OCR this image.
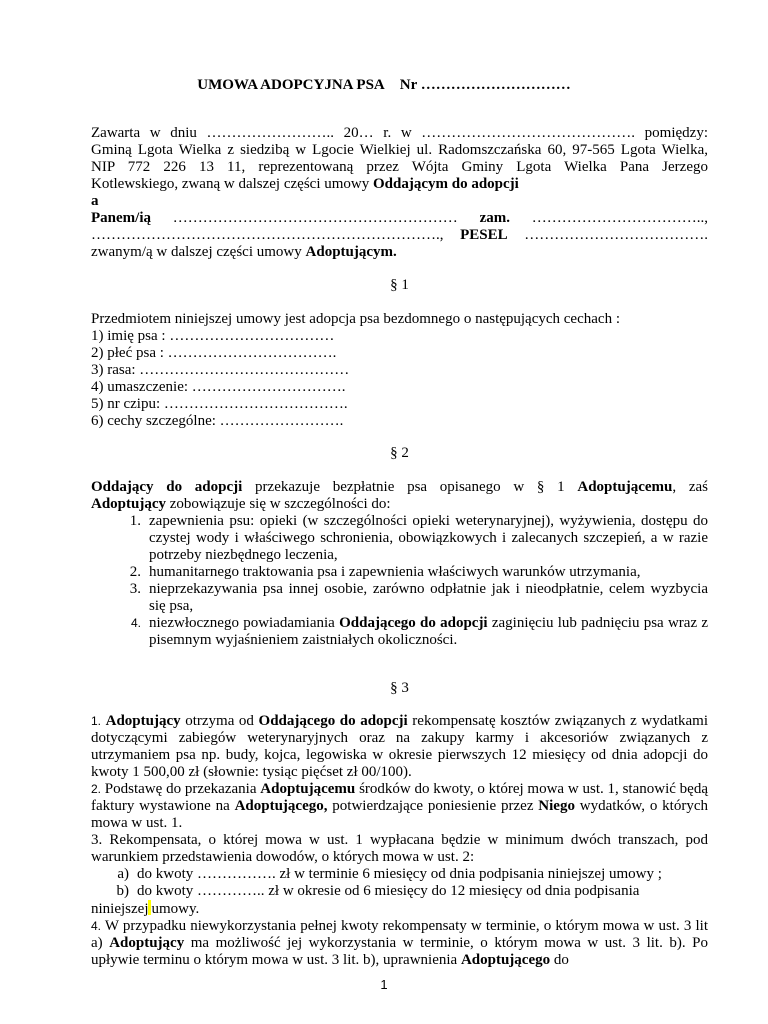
UMOWA ADOPCYJNA PSA Nr …………………………
Zawarta w dniu …………………….. 20… r. w ……………………………………. pomiędzy:
Gminą Lgota Wielka z siedzibą w Lgocie Wielkiej ul. Radomszczańska 60, 97-565 Lgota Wielka,
NIP 772 226 13 11, reprezentowaną przez Wójta Gminy Lgota Wielka Pana Jerzego
Kotlewskiego, zwaną w dalszej części umowy Oddającym do adopcji
a
Panem/ią ………………………………………………… zam. ……………………………..,
……………………………………………………………., PESEL ……………………………….
zwanym/ą w dalszej części umowy Adoptującym.
§ 1
Przedmiotem niniejszej umowy jest adopcja psa bezdomnego o następujących cechach :
1) imię psa : ……………………………
2) płeć psa : …………………………….
3) rasa: ……………………………………
4) umaszczenie: ………………………….
5) nr czipu: ……………………………….
6) cechy szczególne: …………………….
§ 2
Oddający do adopcji przekazuje bezpłatnie psa opisanego w § 1 Adoptującemu, zaś
Adoptujący zobowiązuje się w szczególności do:
1. zapewnienia psu: opieki (w szczególności opieki weterynaryjnej), wyżywienia, dostępu do czystej wody i właściwego schronienia, obowiązkowych i zalecanych szczepień, a w razie potrzeby niezbędnego leczenia,
2. humanitarnego traktowania psa i zapewnienia właściwych warunków utrzymania,
3. nieprzekazywania psa innej osobie, zarówno odpłatnie jak i nieodpłatnie, celem wyzbycia się psa,
4. niezwłocznego powiadamiania Oddającego do adopcji zaginięciu lub padnięciu psa wraz z pisemnym wyjaśnieniem zaistniałych okoliczności.
§ 3
1. Adoptujący otrzyma od Oddającego do adopcji rekompensatę kosztów związanych z wydatkami dotyczącymi zabiegów weterynaryjnych oraz na zakupy karmy i akcesoriów związanych z utrzymaniem psa np. budy, kojca, legowiska w okresie pierwszych 12 miesięcy od dnia adopcji do kwoty 1 500,00 zł (słownie: tysiąc pięćset zł 00/100).
2. Podstawę do przekazania Adoptującemu środków do kwoty, o której mowa w ust. 1, stanowić będą faktury wystawione na Adoptującego, potwierdzające poniesienie przez Niego wydatków, o których mowa w ust. 1.
3. Rekompensata, o której mowa w ust. 1 wypłacana będzie w minimum dwóch transzach, pod warunkiem przedstawienia dowodów, o których mowa w ust. 2:
a) do kwoty ……………. zł w terminie 6 miesięcy od dnia podpisania niniejszej umowy ;
b) do kwoty ………….. zł w okresie od 6 miesięcy do 12 miesięcy od dnia podpisania
niniejszej umowy.
4. W przypadku niewykorzystania pełnej kwoty rekompensaty w terminie, o którym mowa w ust. 3 lit a) Adoptujący ma możliwość jej wykorzystania w terminie, o którym mowa w ust. 3 lit. b). Po upływie terminu o którym mowa w ust. 3 lit. b), uprawnienia Adoptującego do
1
